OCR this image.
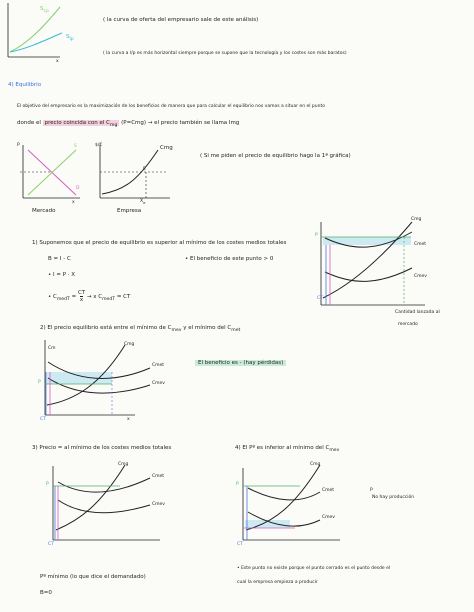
$S_{cp}$
$S_{lp}$
x
( la curva de oferta del empresario sale de este análisis)
( la curva a l/p es más horizontal siempre porque se supone que la tecnología y los costes son más baratos)
4) Equilibrio
El objetivo del empresario es la maximización de los beneficios de manera que para calcular el equilibrio nos vamos a situar en el punto
donde el precio coincida con el $C_{mg}$ (P=Cmg) → el precio también se llama Img
P	S
D
x
Mercado
$/€	Cmg
E
$X_e$
Empresa
( Si me piden el precio de equilibrio hago la 1ª gráfica)
1) Suponemos que el precio de equilibrio es superior al mínimo de los costes medios totales
B = I - C	• El beneficio de este punto > 0
• I = P · X
• $C_{medT} = \frac{CT}{x} \to x$ $C_{medT}$ = CT
Cmg
Cmet
Cmev
P
CT
Cantidad lanzada al
mercado
2) El precio equilibrio está entre el mínimo de $C_{mev}$ y el mínimo del $C_{met}$
El beneficio es - (hay pérdidas)
Cm
Cmg
Cmet
Cmev
P
CT	x
3) Precio = al mínimo de los costes medios totales
Cmg
Cmet
Cmev
P
CT
Pº mínimo (lo que dice el demandado)
B=0
4) El Pº es inferior al mínimo del $C_{mev}$
Cmg
Cmet
Cmev
P
CT
P
No hay producción
• Este punto no existe porque el punto cerrado es el punto desde el
cual la empresa empieza a producir
